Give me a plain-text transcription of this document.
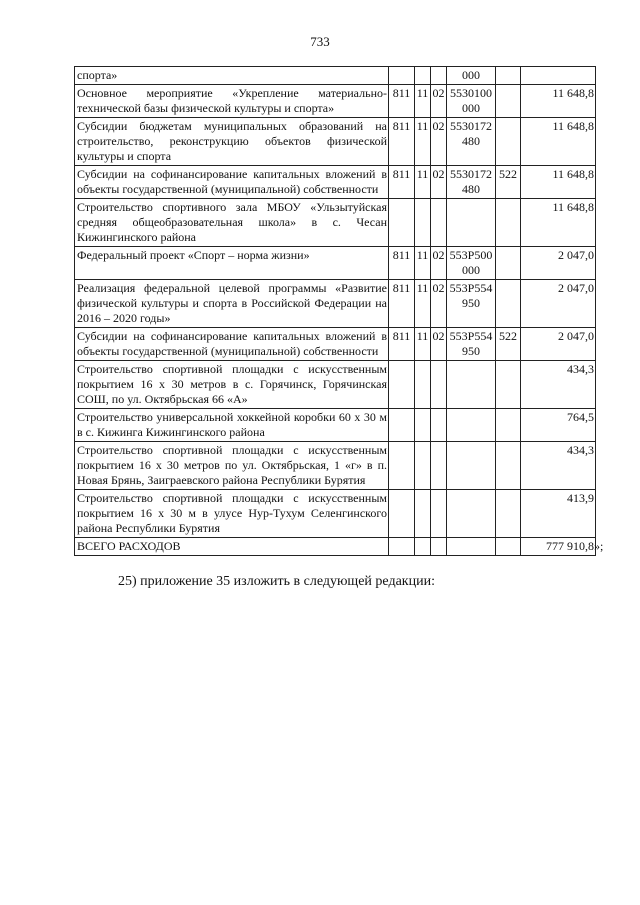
733
спорта»				000		
Основное мероприятие «Укрепление материально-технической базы физической культуры и спорта»	811	11	02	5530100 000		11 648,8
Субсидии бюджетам муниципальных образований на строительство, реконструкцию объектов физической культуры и спорта	811	11	02	5530172 480		11 648,8
Субсидии на софинансирование капитальных вложений в объекты государственной (муниципальной) собственности	811	11	02	5530172 480	522	11 648,8
Строительство спортивного зала МБОУ «Ульзытуйская средняя общеобразовательная школа» в с. Чесан Кижингинского района						11 648,8
Федеральный проект «Спорт – норма жизни»	811	11	02	553P500 000		2 047,0
Реализация федеральной целевой программы «Развитие физической культуры и спорта в Российской Федерации на 2016 – 2020 годы»	811	11	02	553P554 950		2 047,0
Субсидии на софинансирование капитальных вложений в объекты государственной (муниципальной) собственности	811	11	02	553P554 950	522	2 047,0
Строительство спортивной площадки с искусственным покрытием 16 х 30 метров в с. Горячинск, Горячинская СОШ, по ул. Октябрьская 66 «А»						434,3
Строительство универсальной хоккейной коробки 60 х 30 м в с. Кижинга Кижингинского района						764,5
Строительство спортивной площадки с искусственным покрытием 16 х 30 метров по ул. Октябрьская, 1 «г» в п. Новая Брянь, Заиграевского района Республики Бурятия						434,3
Строительство спортивной площадки с искусственным покрытием 16 х 30 м в улусе Нур-Тухум Селенгинского района Республики Бурятия						413,9
ВСЕГО РАСХОДОВ						777 910,8 »;
25) приложение 35 изложить в следующей редакции:
